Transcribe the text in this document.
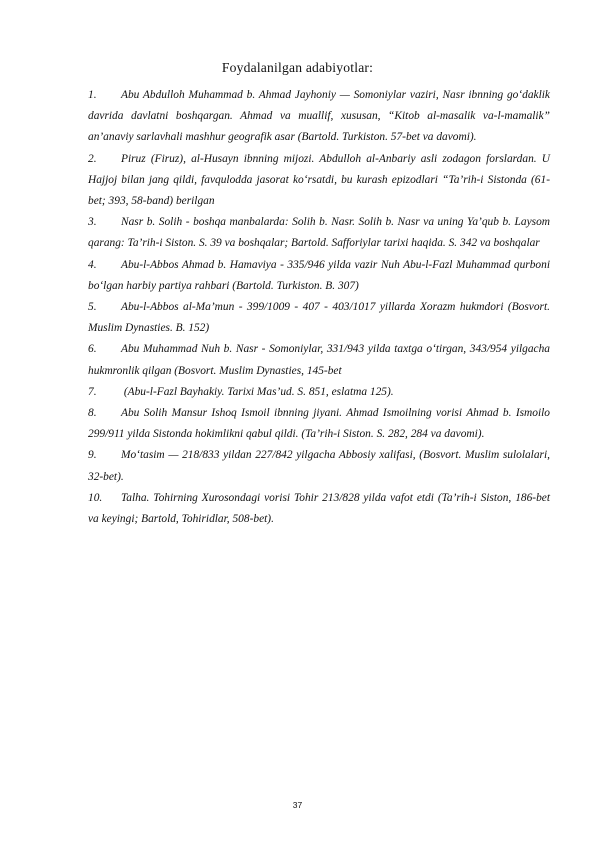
Foydalanilgan adabiyotlar:
1. Abu Abdulloh Muhammad b. Ahmad Jayhoniy — Somoniylar vaziri, Nasr ibnning go‘daklik davrida davlatni boshqargan. Ahmad va muallif, xususan, “Kitob al-masalik va-l-mamalik” an’anaviy sarlavhali mashhur geografik asar (Bartold. Turkiston. 57-bet va davomi).
2. Piruz (Firuz), al-Husayn ibnning mijozi. Abdulloh al-Anbariy asli zodagon forslardan. U Hajjoj bilan jang qildi, favqulodda jasorat ko‘rsatdi, bu kurash epizodlari “Ta’rih-i Sistonda (61-bet; 393, 58-band) berilgan
3. Nasr b. Solih - boshqa manbalarda: Solih b. Nasr. Solih b. Nasr va uning Ya’qub b. Laysom qarang: Ta’rih-i Siston. S. 39 va boshqalar; Bartold. Safforiylar tarixi haqida. S. 342 va boshqalar
4. Abu-l-Abbos Ahmad b. Hamaviya - 335/946 yilda vazir Nuh Abu-l-Fazl Muhammad qurboni bo‘lgan harbiy partiya rahbari (Bartold. Turkiston. B. 307)
5. Abu-l-Abbos al-Ma’mun - 399/1009 - 407 - 403/1017 yillarda Xorazm hukmdori (Bosvort. Muslim Dynasties. B. 152)
6. Abu Muhammad Nuh b. Nasr - Somoniylar, 331/943 yilda taxtga o‘tirgan, 343/954 yilgacha hukmronlik qilgan (Bosvort. Muslim Dynasties, 145-bet
7. (Abu-l-Fazl Bayhakiy. Tarixi Mas’ud. S. 851, eslatma 125).
8. Abu Solih Mansur Ishoq Ismoil ibnning jiyani. Ahmad Ismoilning vorisi Ahmad b. Ismoilo 299/911 yilda Sistonda hokimlikni qabul qildi. (Ta’rih-i Siston. S. 282, 284 va davomi).
9. Mo‘tasim — 218/833 yildan 227/842 yilgacha Abbosiy xalifasi, (Bosvort. Muslim sulolalari, 32-bet).
10. Talha. Tohirning Xurosondagi vorisi Tohir 213/828 yilda vafot etdi (Ta’rih-i Siston, 186-bet va keyingi; Bartold, Tohiridlar, 508-bet).
37
